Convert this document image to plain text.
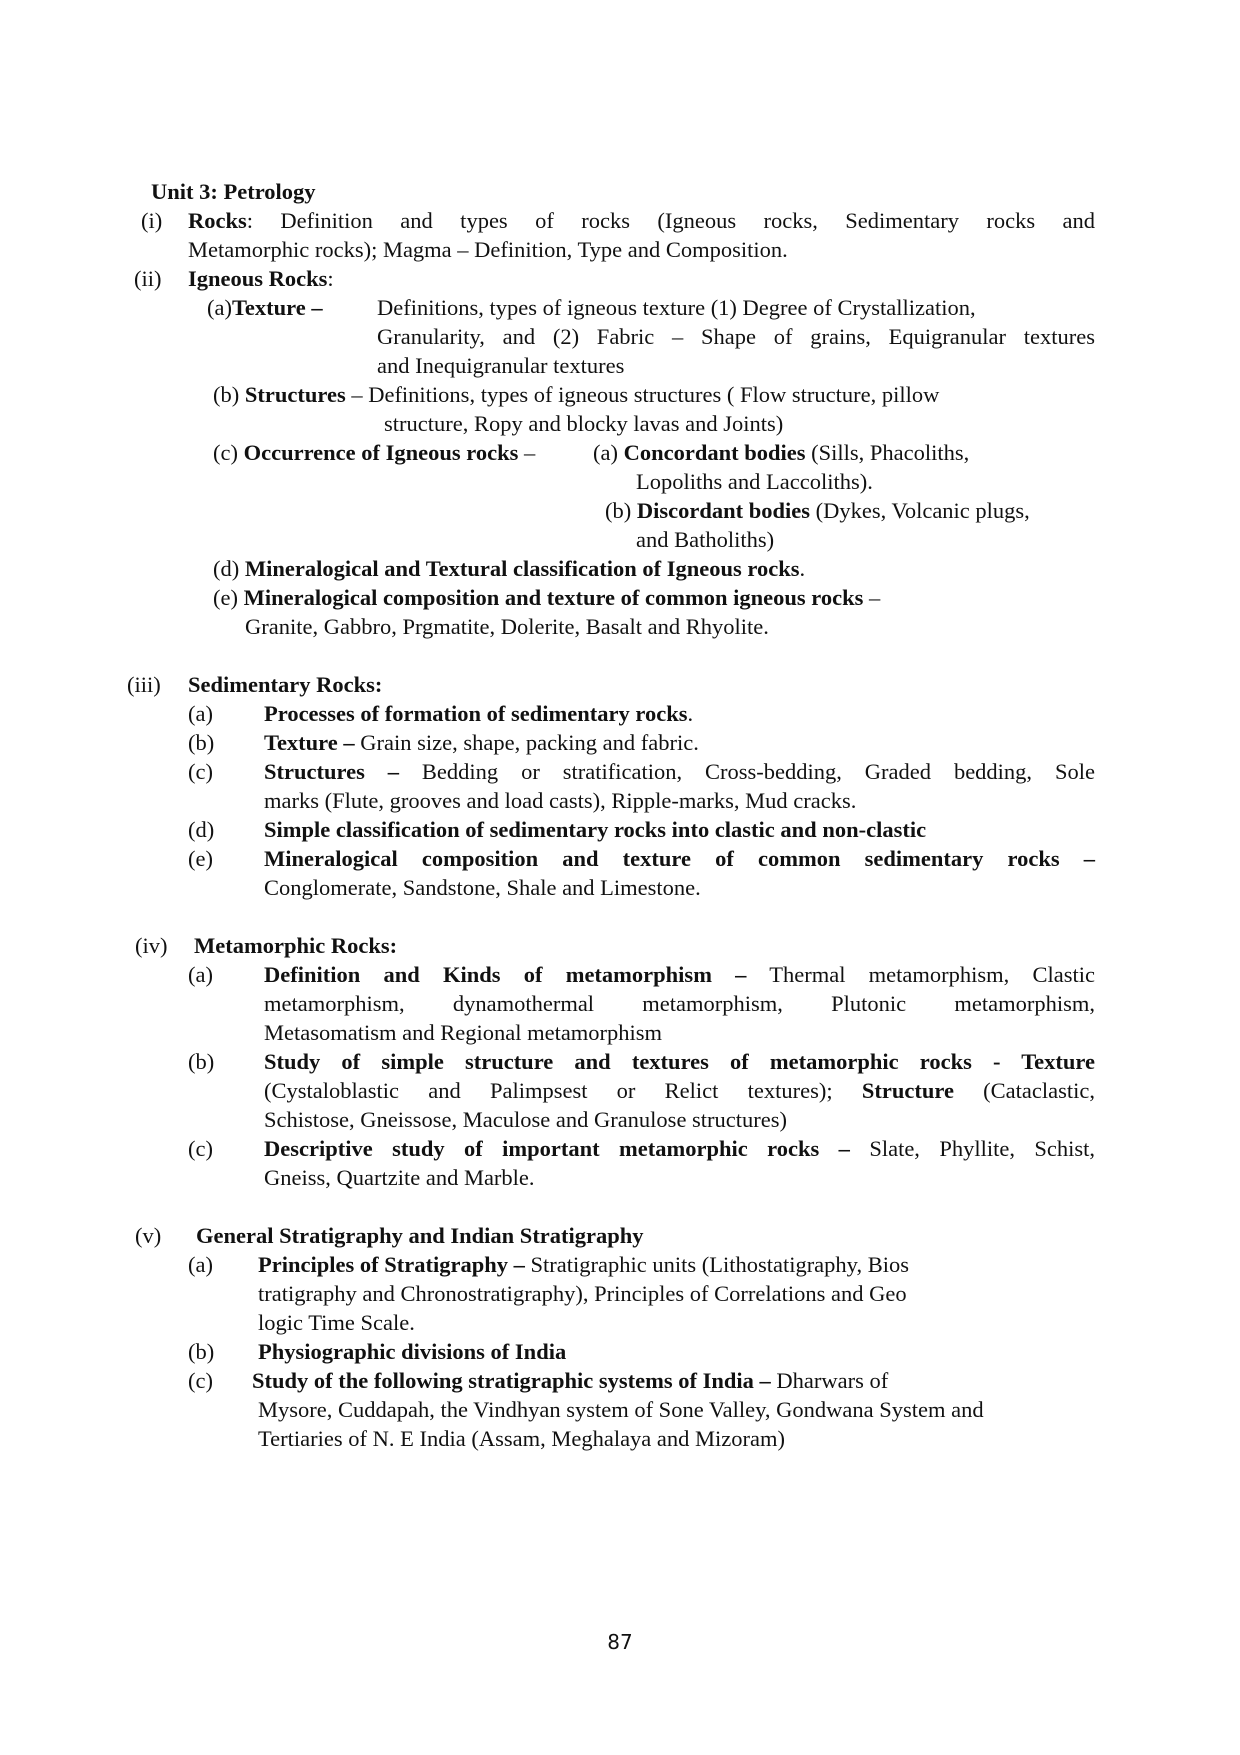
Unit 3: Petrology
(i) Rocks: Definition and types of rocks (Igneous rocks, Sedimentary rocks and
Metamorphic rocks); Magma – Definition, Type and Composition.
(ii) Igneous Rocks:
(a)Texture – Definitions, types of igneous texture (1) Degree of Crystallization,
Granularity, and (2) Fabric – Shape of grains, Equigranular textures
and Inequigranular textures
(b) Structures – Definitions, types of igneous structures ( Flow structure, pillow
structure, Ropy and blocky lavas and Joints)
(c) Occurrence of Igneous rocks –	(a) Concordant bodies (Sills, Phacoliths,
Lopoliths and Laccoliths).
(b) Discordant bodies (Dykes, Volcanic plugs,
and Batholiths)
(d) Mineralogical and Textural classification of Igneous rocks.
(e) Mineralogical composition and texture of common igneous rocks –
Granite, Gabbro, Prgmatite, Dolerite, Basalt and Rhyolite.
(iii) Sedimentary Rocks:
(a) Processes of formation of sedimentary rocks.
(b) Texture – Grain size, shape, packing and fabric.
(c) Structures – Bedding or stratification, Cross-bedding, Graded bedding, Sole
marks (Flute, grooves and load casts), Ripple-marks, Mud cracks.
(d) Simple classification of sedimentary rocks into clastic and non-clastic
(e) Mineralogical composition and texture of common sedimentary rocks –
Conglomerate, Sandstone, Shale and Limestone.
(iv) Metamorphic Rocks:
(a) Definition and Kinds of metamorphism – Thermal metamorphism, Clastic
metamorphism, dynamothermal metamorphism, Plutonic metamorphism,
Metasomatism and Regional metamorphism
(b) Study of simple structure and textures of metamorphic rocks - Texture
(Cystaloblastic and Palimpsest or Relict textures); Structure (Cataclastic,
Schistose, Gneissose, Maculose and Granulose structures)
(c) Descriptive study of important metamorphic rocks – Slate, Phyllite, Schist,
Gneiss, Quartzite and Marble.
(v) General Stratigraphy and Indian Stratigraphy
(a) Principles of Stratigraphy – Stratigraphic units (Lithostatigraphy, Bios
tratigraphy and Chronostratigraphy), Principles of Correlations and Geo
logic Time Scale.
(b) Physiographic divisions of India
(c) Study of the following stratigraphic systems of India – Dharwars of
Mysore, Cuddapah, the Vindhyan system of Sone Valley, Gondwana System and
Tertiaries of N. E India (Assam, Meghalaya and Mizoram)
87
